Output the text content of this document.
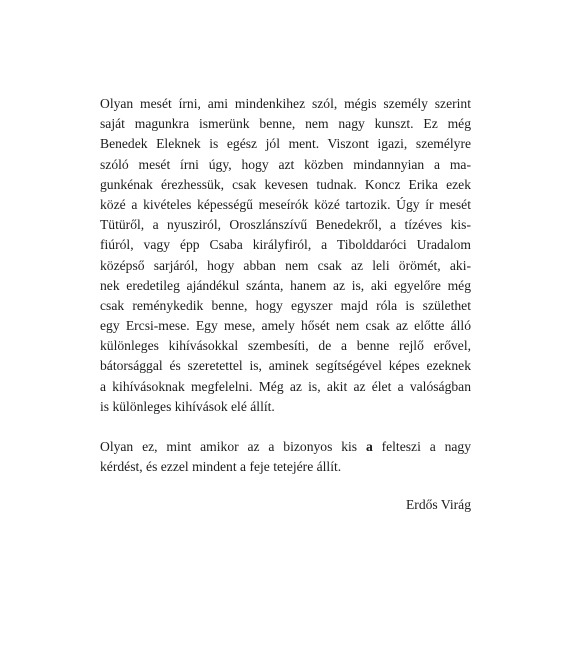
Olyan mesét írni, ami mindenkihez szól, mégis személy szerint
saját magunkra ismerünk benne, nem nagy kunszt. Ez még
Benedek Eleknek is egész jól ment. Viszont igazi, személyre
szóló mesét írni úgy, hogy azt közben mindannyian a ma-
gunkénak érezhessük, csak kevesen tudnak. Koncz Erika ezek
közé a kivételes képességű meseírók közé tartozik. Úgy ír mesét
Tütüről, a nyusziról, Oroszlánszívű Benedekről, a tízéves kis-
fiúról, vagy épp Csaba királyfiról, a Tibolddaróci Uradalom
középső sarjáról, hogy abban nem csak az leli örömét, aki-
nek eredetileg ajándékul szánta, hanem az is, aki egyelőre még
csak reménykedik benne, hogy egyszer majd róla is születhet
egy Ercsi-mese. Egy mese, amely hősét nem csak az előtte álló
különleges kihívásokkal szembesíti, de a benne rejlő erővel,
bátorsággal és szeretettel is, aminek segítségével képes ezeknek
a kihívásoknak megfelelni. Még az is, akit az élet a valóságban
is különleges kihívások elé állít.
Olyan ez, mint amikor az a bizonyos kis a felteszi a nagy
kérdést, és ezzel mindent a feje tetejére állít.
Erdős Virág
